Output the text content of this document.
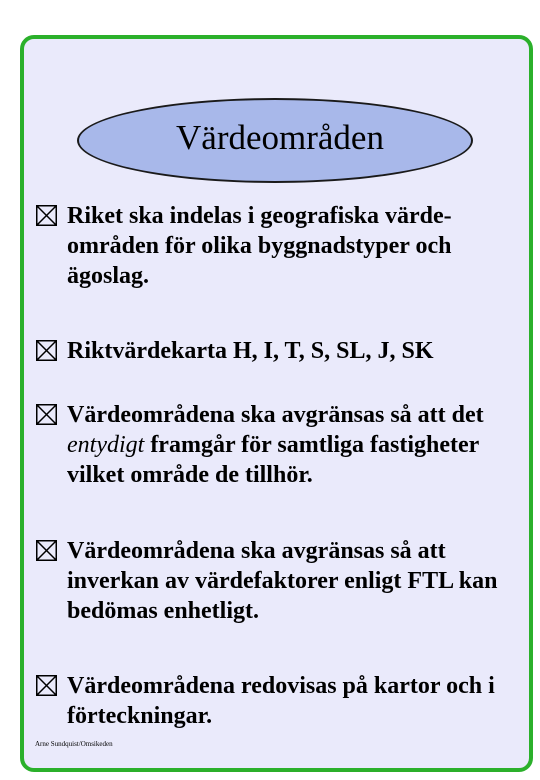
Värdeområden
Riket ska indelas i geografiska värde-områden för olika byggnadstyper och ägoslag.
Riktvärdekarta H, I, T, S, SL, J, SK
Värdeområdena ska avgränsas så att det entydigt framgår för samtliga fastigheter vilket område de tillhör.
Värdeområdena ska avgränsas så att inverkan av värdefaktorer enligt FTL kan bedömas enhetligt.
Värdeområdena redovisas på kartor och i förteckningar.
Arne Sundquist/Omsikeden
